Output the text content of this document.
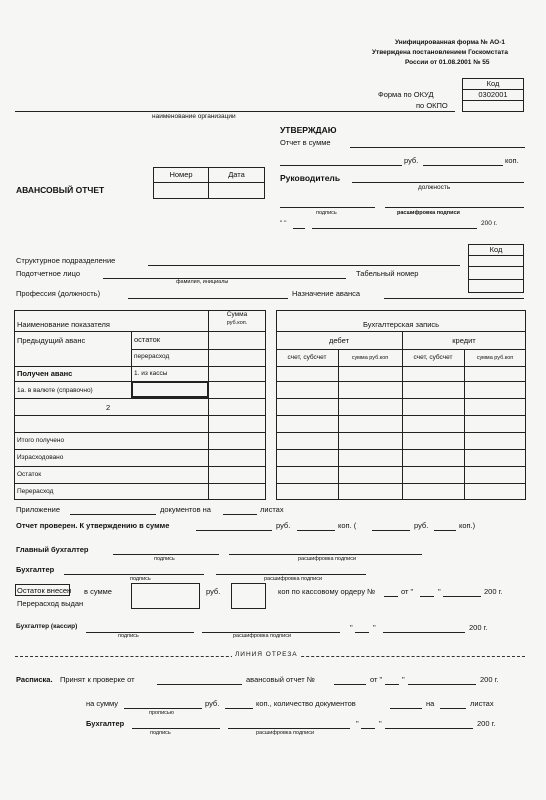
Унифицированная форма № АО-1
Утверждена постановлением Госкомстата
России от 01.08.2001 № 55
Код
0302001
Форма по ОКУД
по ОКПО
наименование организации
УТВЕРЖДАЮ
Отчет в сумме
руб.	коп.
Руководитель
должность
подпись	расшифровка подписи
" "	200 г.
АВАНСОВЫЙ ОТЧЕТ
Номер	Дата
Код
Структурное подразделение
Подотчетное лицо
фамилия, инициалы
Табельный номер
Профессия (должность)	Назначение аванса
Наименование показателя
Сумма
руб.коп.
Предыдущий аванс	остаток
перерасход
Получен аванс	1. из кассы
1а. в валюте (справочно)
2
Итого получено
Израсходовано
Остаток
Перерасход
Бухгалтерская запись
дебет	кредит
счет, субсчет	сумма руб.коп	счет, субсчет	сумма руб.коп
Приложение	документов на	листах
Отчет проверен. К утверждению в сумме	руб.	коп. (	руб.	коп.)
Главный бухгалтер
подпись	расшифровка подписи
Бухгалтер
подпись	расшифровка подписи
Остаток внесен
Перерасход выдан
в сумме	руб.	коп по кассовому ордеру №	от "	"	200 г.
Бухгалтер (кассир)
подпись	расшифровка подписи
"	"	200 г.
ЛИНИЯ ОТРЕЗА
Расписка. Принят к проверке от	авансовый отчет №	от "	"	200 г.
на сумму
прописью
руб.	коп., количество документов	на	листах
Бухгалтер
подпись	расшифровка подписи
"	"	200 г.
